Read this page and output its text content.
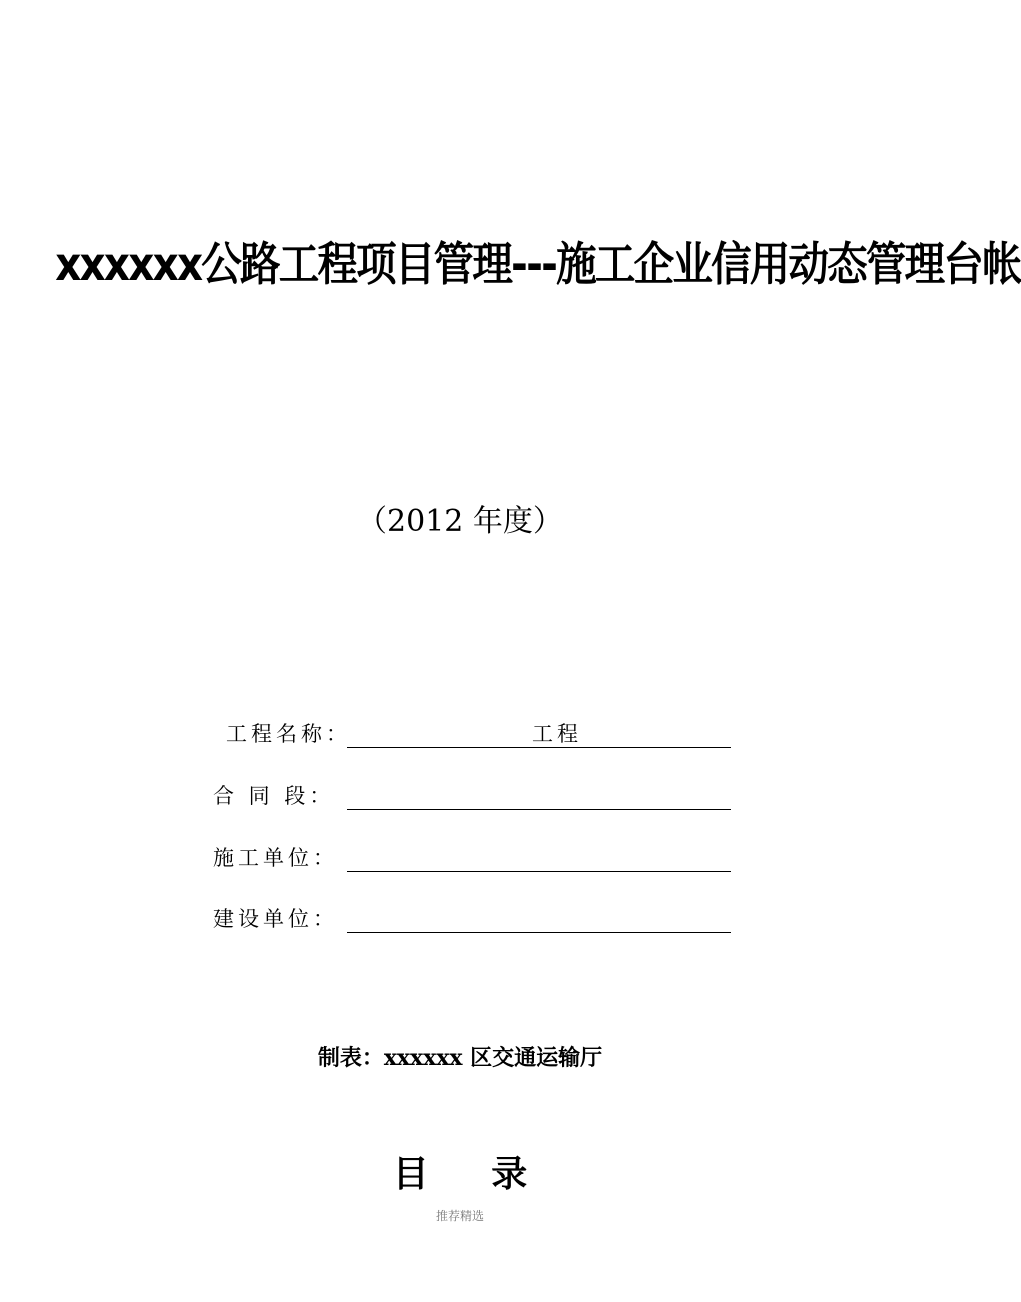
xxxxxx公路工程项目管理---施工企业信用动态管理台帐
（2012 年度）
工程名称：	工程
合 同 段：
施工单位：
建设单位：
制表：xxxxxx 区交通运输厅
目 录
推荐精选
